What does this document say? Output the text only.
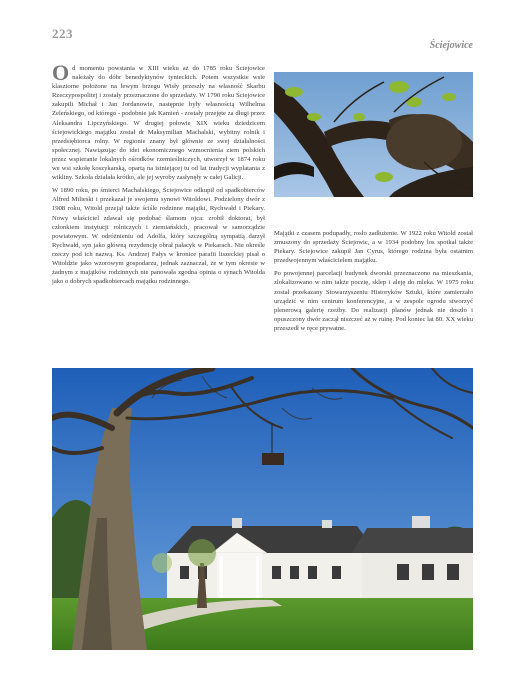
223
Ściejowice

Od momentu powstania w XIII wieku aż do 1785 roku Ściejowice należały do dóbr benedyktynów tynieckich. Potem wszystkie wsie klasztorne położone na lewym brzegu Wisły przeszły na własność Skarbu Rzeczypospolitej i zostały przeznaczone do sprzedaży. W 1790 roku Ściejowice zakupili Michał i Jan Jordanowie, następnie były własnością Wilhelma Zeleńskiego, od którego - podobnie jak Kamień - zostały przejęte za długi przez Aleksandra Lipczyńskiego. W drugiej połowie XIX wieku dziedzicem ściejowickiego majątku został dr Maksymilian Machalski, wybitny rolnik i przedsiębiorca rolny. W regionie znany był głównie ze swej działalności społecznej. Nawiązując do idei ekonomicznego wzmocnienia ziem polskich przez wspieranie lokalnych ośrodków rzemieślniczych, utworzył w 1874 roku we wsi szkołę koszykarską, opartą na istniejącej tu od lat tradycji wyplatania z wikliny. Szkoła działała krótko, ale jej wyroby zasłynęły w całej Galicji.

W 1890 roku, po śmierci Machalskiego, Ściejowice odkupił od spadkobierców Alfred Milieski i przekazał je swojemu synowi Witoldowi. Podzielony dwór z 1908 roku, Witold przejął także ściśle rodzinne majątki, Rychwałd i Piekary. Nowy właściciel zdawał się podobać ślamom ojca: zrobił doktorat, był członkiem instytucji rolniczych i ziemiańskich, pracował w samorządzie powiatowym. W odróżnieniu od Adolfa, który szczególną sympatią darzył Rychwałd, syn jako główną rezydencję obrał pałacyk w Piekarach. Nie określe rzeczy pod ich nazwą. Ks. Andrzej Fałys w kronice parafii liszeckiej pisał o Witoldzie jako wzorowym gospodarzu, jednak zaznaczał, że w tym okresie w żadnym z majątków rodzinnych nie panowała zgodna opinia o synach Witolda jako o dobrych spadkobiercach majątku rodzinnego.

Majątki z czasem podupadły, rosło zadłużenie. W 1922 roku Witold został zmuszony do sprzedaży Ściejowic, a w 1934 podobny los spotkał także Piekary. Ściejowice zakupił Jan Cyrus, którego rodzina była ostatnim przedwojennym właścicielem majątku.

Po powojennej parcelacji budynek dworski przeznaczono na mieszkania, zlokalizowano w nim także pocztę, sklep i aleję do mleka. W 1975 roku został przekazany Stowarzyszeniu Historyków Sztuki, które zamierzało urządzić w nim centrum konferencyjne, a w zespole ogrodu stworzyć plenerową galerię rzeźby. Do realizacji planów jednak nie doszło i opuszczony dwór zaczął niszczeć aż w ruinę. Pod koniec lat 80. XX wieku przeszedł w ręce prywatne.
